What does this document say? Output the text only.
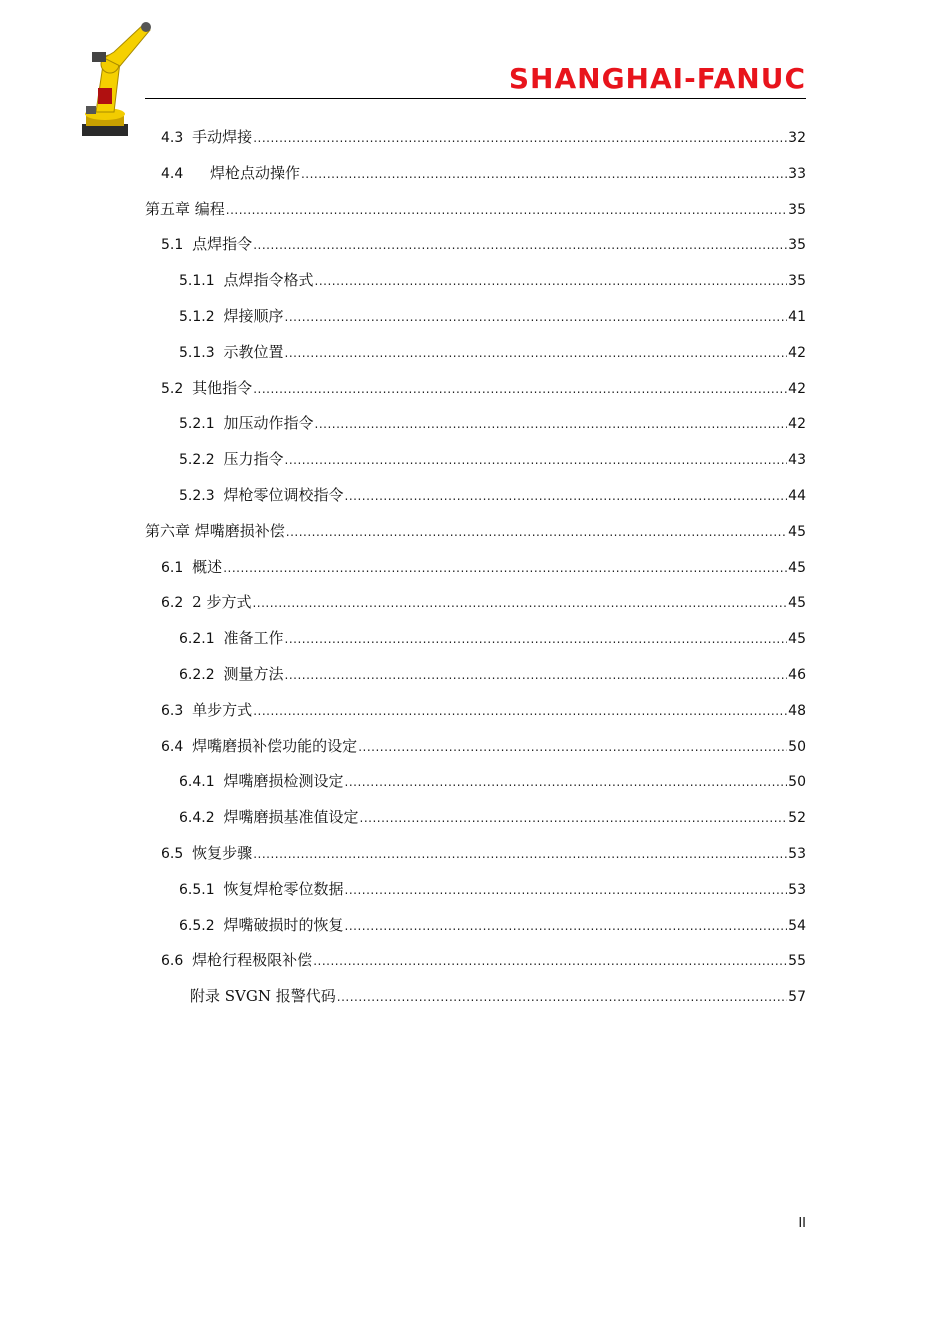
SHANGHAI-FANUC
4.3 手动焊接 .....	32
4.4 焊枪点动操作 .....	33
第五章 编程 .....	35
5.1 点焊指令 .....	35
5.1.1 点焊指令格式 .....	35
5.1.2 焊接顺序 .....	41
5.1.3 示教位置 .....	42
5.2 其他指令 .....	42
5.2.1 加压动作指令 .....	42
5.2.2 压力指令 .....	43
5.2.3 焊枪零位调校指令 .....	44
第六章 焊嘴磨损补偿 .....	45
6.1 概述 .....	45
6.2 2 步方式 .....	45
6.2.1 准备工作 .....	45
6.2.2 测量方法 .....	46
6.3 单步方式 .....	48
6.4 焊嘴磨损补偿功能的设定 .....	50
6.4.1 焊嘴磨损检测设定 .....	50
6.4.2 焊嘴磨损基准值设定 .....	52
6.5 恢复步骤 .....	53
6.5.1 恢复焊枪零位数据 .....	53
6.5.2 焊嘴破损时的恢复 .....	54
6.6 焊枪行程极限补偿 .....	55
附录 SVGN 报警代码 .....	57
II
